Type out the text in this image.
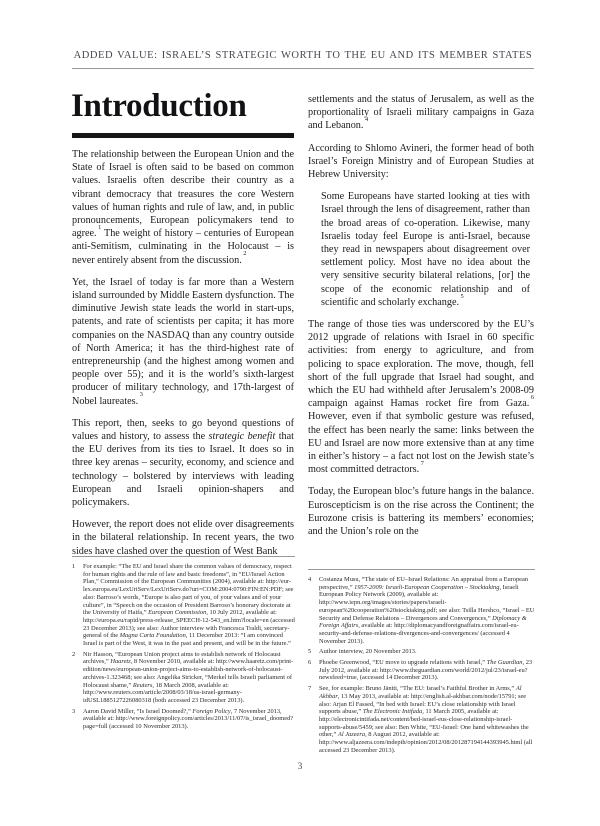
ADDED VALUE: ISRAEL’S STRATEGIC WORTH TO THE EU AND ITS MEMBER STATES
Introduction

The relationship between the European Union and the State of Israel is often said to be based on common values. Israelis often describe their country as a vibrant democracy that treasures the core Western values of human rights and rule of law, and, in public pronouncements, European policymakers tend to agree.$^1$ The weight of history – centuries of European anti-Semitism, culminating in the Holocaust – is never entirely absent from the discussion.$^2$

Yet, the Israel of today is far more than a Western island surrounded by Middle Eastern dysfunction. The diminutive Jewish state leads the world in start-ups, patents, and rate of scientists per capita; it has more companies on the NASDAQ than any country outside of North America; it has the third-highest rate of entrepreneurship (and the highest among women and people over 55); and it is the world’s sixth-largest producer of military technology, and 17th-largest of Nobel laureates.$^3$

This report, then, seeks to go beyond questions of values and history, to assess the strategic benefit that the EU derives from its ties to Israel. It does so in three key arenas – security, economy, and science and technology – bolstered by interviews with leading European and Israeli opinion-shapers and policymakers.

However, the report does not elide over disagreements in the bilateral relationship. In recent years, the two sides have clashed over the question of West Bank

settlements and the status of Jerusalem, as well as the proportionality of Israeli military campaigns in Gaza and Lebanon.$^4$

According to Shlomo Avineri, the former head of both Israel’s Foreign Ministry and of European Studies at Hebrew University:

Some Europeans have started looking at ties with Israel through the lens of disagreement, rather than the broad areas of co-operation. Likewise, many Israelis today feel Europe is anti-Israel, because they read in newspapers about disagreement over settlement policy. Most have no idea about the very sensitive security bilateral relations, [or] the scope of the economic relationship and of scientific and scholarly exchange.$^5$

The range of those ties was underscored by the EU’s 2012 upgrade of relations with Israel in 60 specific activities: from energy to agriculture, and from policing to space exploration. The move, though, fell short of the full upgrade that Israel had sought, and which the EU had withheld after Jerusalem’s 2008-09 campaign against Hamas rocket fire from Gaza.$^6$ However, even if that symbolic gesture was refused, the effect has been nearly the same: links between the EU and Israel are now more extensive than at any time in either’s history – a fact not lost on the Jewish state’s most committed detractors.$^7$

Today, the European bloc’s future hangs in the balance. Euroscepticism is on the rise across the Continent; the Eurozone crisis is battering its members’ economies; and the Union’s role on the

1 For example: “The EU and Israel share the common values of democracy, respect for human rights and the rule of law and basic freedoms”, in “EU/Israel Action Plan,” Commission of the European Communities (2004), available at: http://eur-lex.europa.eu/LexUriServ/LexUriServ.do?uri=COM:2004:0790:FIN:EN:PDF; see also: Barroso’s words, “Europe is also part of you, of your values and of your culture”, in “Speech on the occasion of President Barroso’s honorary doctorate at the University of Haifa,” European Commission, 10 July 2012, available at: http://europa.eu/rapid/press-release_SPEECH-12-543_en.htm?locale=en (accessed 23 December 2013); see also: Author interview with Francesca Traldi, secretary-general of the Magna Carta Foundation, 11 December 2013: “I am convinced Israel is part of the West, it was in the past and present, and will be in the future.”
2 Nir Hasson, “European Union project aims to establish network of Holocaust archives,” Haaretz, 8 November 2010, available at: http://www.haaretz.com/print-edition/news/european-union-project-aims-to-establish-network-of-holocaust-archives-1.323468; see also: Angelika Stricker, “Merkel tells Israeli parliament of Holocaust shame,” Reuters, 18 March 2008, available at: http://www.reuters.com/article/2008/03/18/us-israel-germany-idUSL1885127226080318 (both accessed 23 December 2013).
3 Aaron David Miller, “Is Israel Doomed?,” Foreign Policy, 7 November 2013, available at: http://www.foreignpolicy.com/articles/2013/11/07/is_israel_doomed?page=full (accessed 10 November 2013).
4 Costanza Musu, “The state of EU–Israel Relations: An appraisal from a European perspective,” 1957-2009: Israeli-European Cooperation – Stocktaking, Israeli European Policy Network (2009), available at: http://www.iepn.org/images/stories/papers/israeli-european%20cooperation%20stocktaking.pdf; see also: Tsilla Hershco, “Israel – EU Security and Defense Relations – Divergences and Convergences,” Diplomacy & Foreign Affairs, available at: http://diplomacyandforeignaffairs.com/israel-eu-security-and-defense-relations-divergences-and-convergences/ (accessed 4 November 2013).
5 Author interview, 20 November 2013.
6 Phoebe Greenwood, “EU move to upgrade relations with Israel,” The Guardian, 23 July 2012, available at: http://www.theguardian.com/world/2012/jul/23/israel-eu?newsfeed=true, (accessed 14 December 2013).
7 See, for example: Bruno Jäntti, “The EU: Israel’s Faithful Brother in Arms,” Al Akhbar, 13 May 2013, available at: http://english.al-akhbar.com/node/15791; see also: Arjan El Fassed, “In bed with Israel: EU’s close relationship with Israel supports abuse,” The Electronic Intifada, 11 March 2005, available at: http://electronicintifada.net/content/bed-israel-eus-close-relationship-israel-supports-abuse/5459; see also: Ben White, “EU-Israel: One hand whitewashes the other,” Al Jazeera, 8 August 2012, available at: http://www.aljazeera.com/indepth/opinion/2012/08/201287194144393945.html (all accessed 23 December 2013).
3
